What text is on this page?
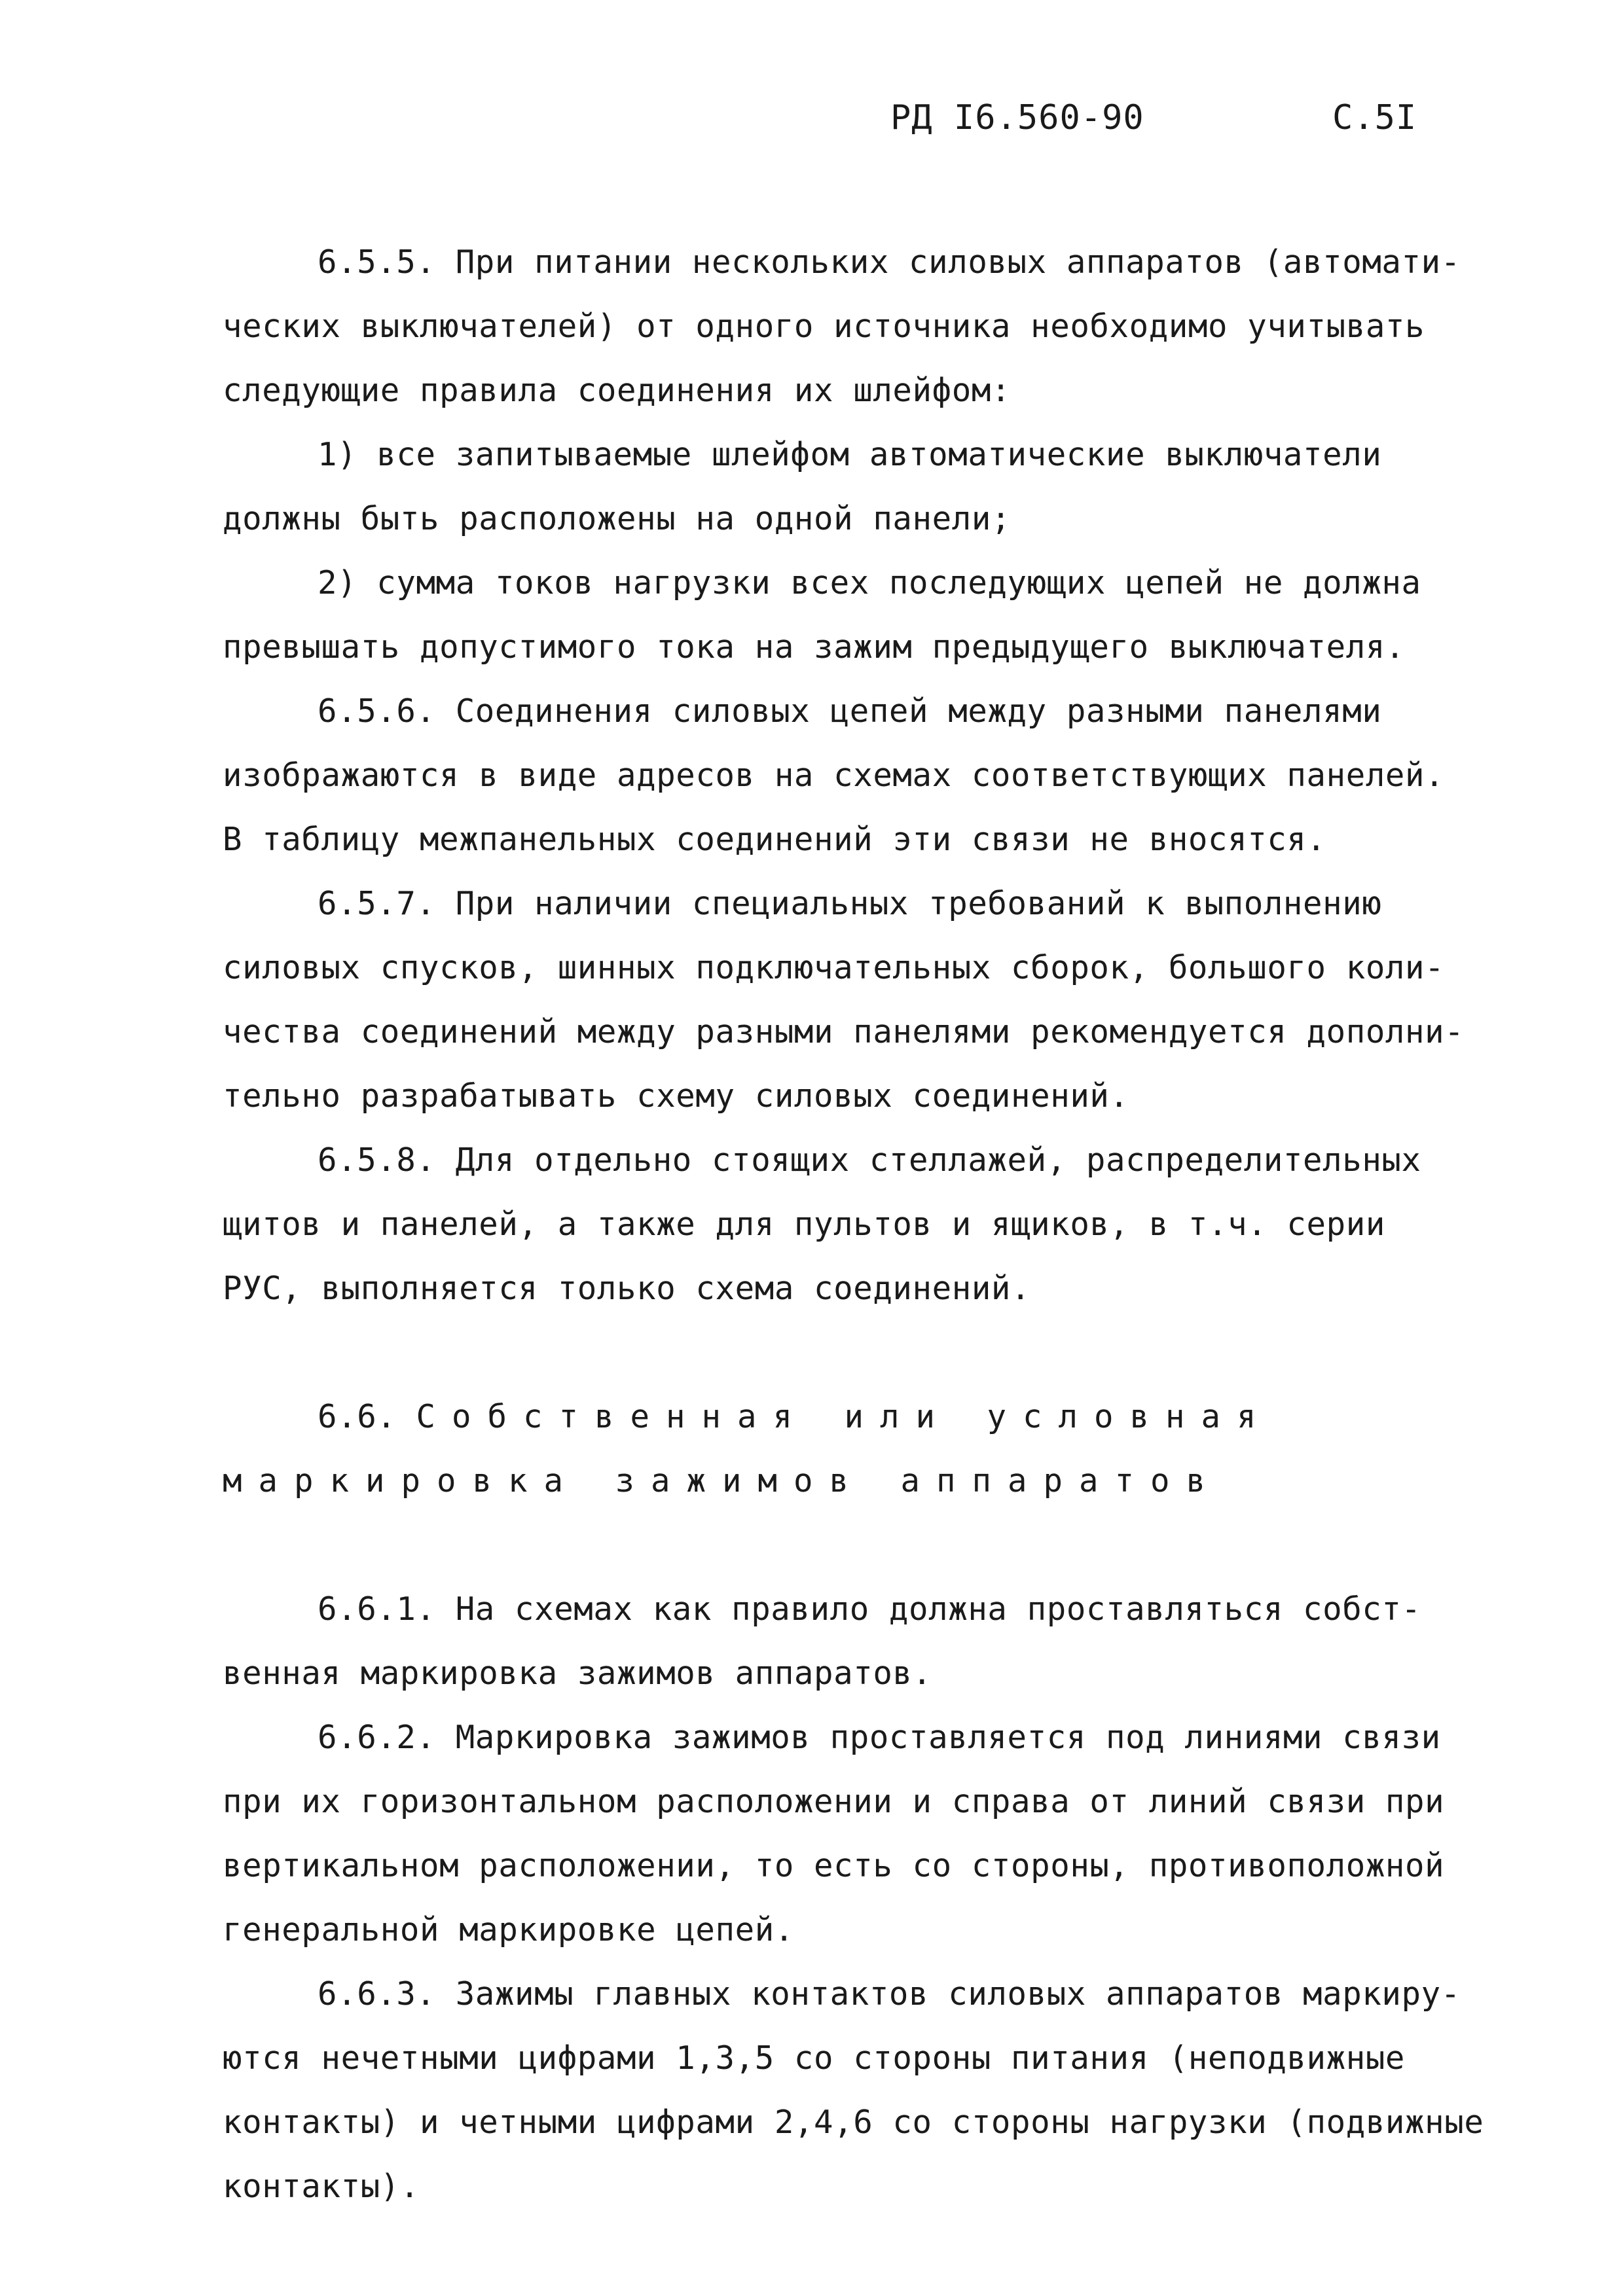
РД I6.560-90	С.5I
6.5.5. При питании нескольких силовых аппаратов (автомати-
ческих выключателей) от одного источника необходимо учитывать
следующие правила соединения их шлейфом:
1) все запитываемые шлейфом автоматические выключатели
должны быть расположены на одной панели;
2) сумма токов нагрузки всех последующих цепей не должна
превышать допустимого тока на зажим предыдущего выключателя.
6.5.6. Соединения силовых цепей между разными панелями
изображаются в виде адресов на схемах соответствующих панелей.
В таблицу межпанельных соединений эти связи не вносятся.
6.5.7. При наличии специальных требований к выполнению
силовых спусков, шинных подключательных сборок, большого коли-
чества соединений между разными панелями рекомендуется дополни-
тельно разрабатывать схему силовых соединений.
6.5.8. Для отдельно стоящих стеллажей, распределительных
щитов и панелей, а также для пультов и ящиков, в т.ч. серии
РУС, выполняется только схема соединений.
6.6. Собственная или условная
маркировка зажимов аппаратов
6.6.1. На схемах как правило должна проставляться собст-
венная маркировка зажимов аппаратов.
6.6.2. Маркировка зажимов проставляется под линиями связи
при их горизонтальном расположении и справа от линий связи при
вертикальном расположении, то есть со стороны, противоположной
генеральной маркировке цепей.
6.6.3. Зажимы главных контактов силовых аппаратов маркиру-
ются нечетными цифрами 1,3,5 со стороны питания (неподвижные
контакты) и четными цифрами 2,4,6 со стороны нагрузки (подвижные
контакты).
